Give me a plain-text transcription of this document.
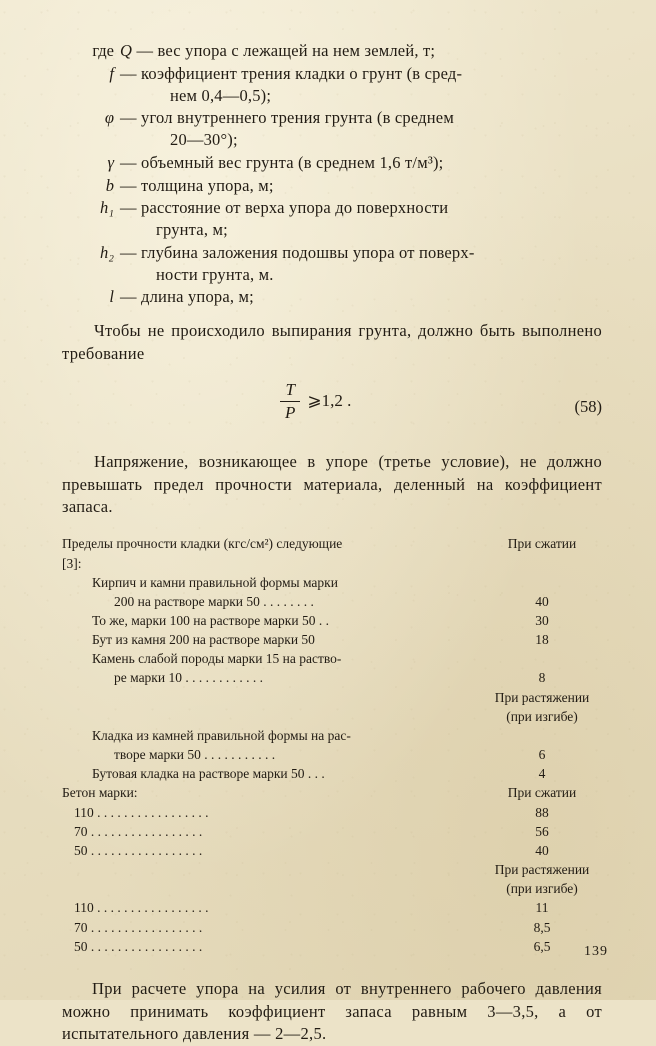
где Q — вес упора с лежащей на нем землей, т;
f — коэффициент трения кладки о грунт (в сред-
нем 0,4—0,5);
φ — угол внутреннего трения грунта (в среднем
20—30°);
γ — объемный вес грунта (в среднем 1,6 т/м³);
b — толщина упора, м;
h₁ — расстояние от верха упора до поверхности
грунта, м;
h₂ — глубина заложения подошвы упора от поверх-
ности грунта, м.
l — длина упора, м;
Чтобы не происходило выпирания грунта, должно быть выполнено требование
$\frac{T}{P}$ ⩾1,2 .	(58)
Напряжение, возникающее в упоре (третье условие), не должно превышать предел прочности материала, деленный на коэффициент запаса.
Пределы прочности кладки (кгс/см²) следующие	При сжатии
[3]:
Кирпич и камни правильной формы марки
200 на растворе марки 50 . . . . . . . .	40
То же, марки 100 на растворе марки 50 . .	30
Бут из камня 200 на растворе марки 50	18
Камень слабой породы марки 15 на раство-
ре марки 10 . . . . . . . . . . . .	8
При растяжении
(при изгибе)
Кладка из камней правильной формы на рас-
творе марки 50 . . . . . . . . . . .	6
Бутовая кладка на растворе марки 50 . . .	4
Бетон марки:	При сжатии
110 . . . . . . . . . . . . . . . . .	88
70 . . . . . . . . . . . . . . . . .	56
50 . . . . . . . . . . . . . . . . .	40
При растяжении
(при изгибе)
110 . . . . . . . . . . . . . . . . .	11
70 . . . . . . . . . . . . . . . . .	8,5
50 . . . . . . . . . . . . . . . . .	6,5
При расчете упора на усилия от внутреннего рабочего давления можно принимать коэффициент запаса равным 3—3,5, а от испытательного давления — 2—2,5.
139
